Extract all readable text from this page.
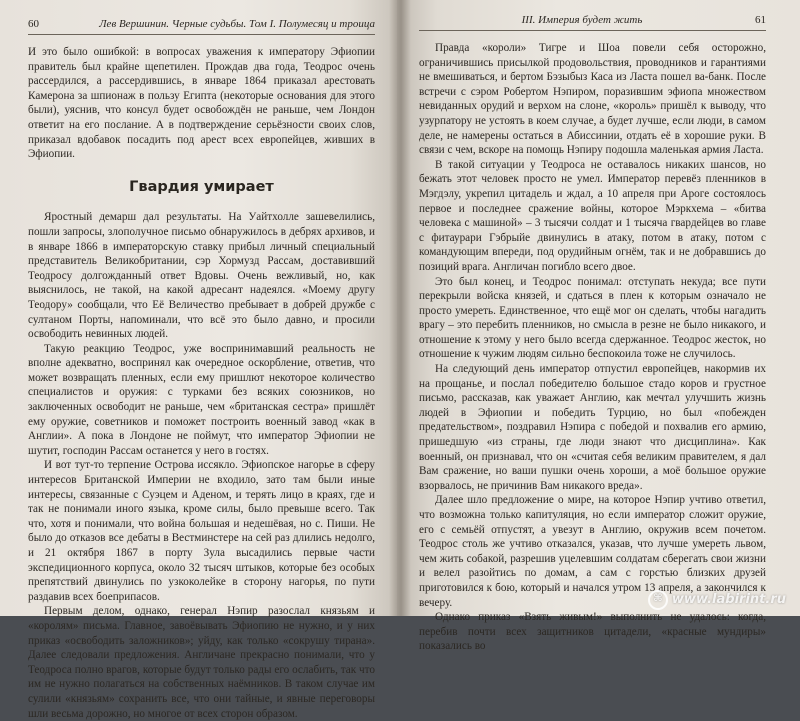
60	Лев Вершинин. Черные судьбы. Том I. Полумесяц и троица

И это было ошибкой: в вопросах уважения к императору Эфиопии правитель был крайне щепетилен. Прождав два года, Теодрос очень рассердился, а рассердившись, в январе 1864 приказал арестовать Камерона за шпионаж в пользу Египта (некоторые основания для этого были), уяснив, что консул будет освобождён не раньше, чем Лондон ответит на его послание. А в подтверждение серьёзности своих слов, приказал вдобавок посадить под арест всех европейцев, живших в Эфиопии.

Гвардия умирает

Яростный демарш дал результаты. На Уайтхолле зашевелились, пошли запросы, злополучное письмо обнаружилось в дебрях архивов, и в январе 1866 в императорскую ставку прибыл личный специальный представитель Великобритании, сэр Хормузд Рассам, доставивший Теодросу долгожданный ответ Вдовы. Очень вежливый, но, как выяснилось, не такой, на какой адресант надеялся. «Моему другу Теодору» сообщали, что Её Величество пребывает в добрей дружбе с султаном Порты, напоминали, что всё это было давно, и просили освободить невинных людей.

Такую реакцию Теодрос, уже воспринимавший реальность не вполне адекватно, воспринял как очередное оскорбление, ответив, что может возвращать пленных, если ему пришлют некоторое количество специалистов и оружия: с турками без всяких союзников, но заключенных освободит не раньше, чем «британская сестра» пришлёт ему оружие, советников и поможет построить военный завод «как в Англии». А пока в Лондоне не поймут, что император Эфиопии не шутит, господин Рассам останется у него в гостях.

И вот тут-то терпение Острова иссякло. Эфиопское нагорье в сферу интересов Британской Империи не входило, зато там были иные интересы, связанные с Суэцем и Аденом, и терять лицо в краях, где и так не понимали иного языка, кроме силы, было превыше всего. Так что, хотя и понимали, что война большая и недешёвая, но с. Пиши. Не было до отказов все дебаты в Вестминстере на сей раз длились недолго, и 21 октября 1867 в порту Зула высадились первые части экспедиционного корпуса, около 32 тысяч штыков, которые без особых препятствий двинулись по узкоколейке в сторону нагорья, по пути раздавив всех боеприпасов.

Первым делом, однако, генерал Нэпир разослал князьям и «королям» письма. Главное, завоёвывать Эфиопию не нужно, и у них приказ «освободить заложников»; уйду, как только «сокрушу тирана». Далее следовали предложения. Англичане прекрасно понимали, что у Теодроса полно врагов, которые будут только рады его ослабить, так что им не нужно полагаться на собственных наёмников. В таком случае им сулили «князьям» сохранить все, что они тайные, и явные переговоры шли весьма дорожно, но многое от всех сторон образом.

III. Империя будет жить	61

Правда «короли» Тигре и Шоа повели себя осторожно, ограничившись присылкой продовольствия, проводников и гарантиями не вмешиваться, и бертом Бэзыбыз Каса из Ласта пошел ва-банк. После встречи с сэром Робертом Нэпиром, поразившим эфиопа множеством невиданных орудий и верхом на слоне, «король» пришёл к выводу, что узурпатору не устоять в коем случае, а будет лучше, если люди, в самом деле, не намерены остаться в Абиссинии, отдать её в хорошие руки. В связи с чем, вскоре на помощь Нэпиру подошла маленькая армия Ласта.

В такой ситуации у Теодроса не оставалось никаких шансов, но бежать этот человек просто не умел. Император перевёз пленников в Мэгдэлу, укрепил цитадель и ждал, а 10 апреля при Ароге состоялось первое и последнее сражение войны, которое Мэркхема – «битва человека с машиной» – 3 тысячи солдат и 1 тысяча гвардейцев во главе с фитаурари Гэбрыйе двинулись в атаку, потом в атаку, потом с командующим впереди, под орудийным огнём, так и не добравшись до позиций врага. Англичан погибло всего двое.

Это был конец, и Теодрос понимал: отступать некуда; все пути перекрыли войска князей, и сдаться в плен к которым означало не просто умереть. Единственное, что ещё мог он сделать, чтобы нагадить врагу – это перебить пленников, но смысла в резне не было никакого, и отношение к этому у него было всегда сдержанное. Теодрос жесток, но отношение к чужим людям сильно беспокоила тоже не случилось.

На следующий день император отпустил европейцев, накормив их на прощанье, и послал победителю большое стадо коров и грустное письмо, рассказав, как уважает Англию, как мечтал улучшить жизнь людей в Эфиопии и победить Турцию, но был «побежден предательством», поздравил Нэпира с победой и похвалив его армию, пришедшую «из страны, где люди знают что дисциплина». Как военный, он признавал, что он «считая себя великим правителем, я дал Вам сражение, но ваши пушки очень хороши, а моё большое оружие взорвалось, не причинив Вам никакого вреда».

Далее шло предложение о мире, на которое Нэпир учтиво ответил, что возможна только капитуляция, но если император сложит оружие, его с семьёй отпустят, а увезут в Англию, окружив всем почетом. Теодрос столь же учтиво отказался, указав, что лучше умереть львом, чем жить собакой, разрешив уцелевшим солдатам сберегать свои жизни и велел разойтись по домам, а сам с горстью близких друзей приготовился к бою, который и начался утром 13 апреля, а закончился к вечеру.

Однако приказ «Взять живым!» выполнить не удалось: когда, перебив почти всех защитников цитадели, «красные мундиры» показались во

⌘ www.labirint.ru
